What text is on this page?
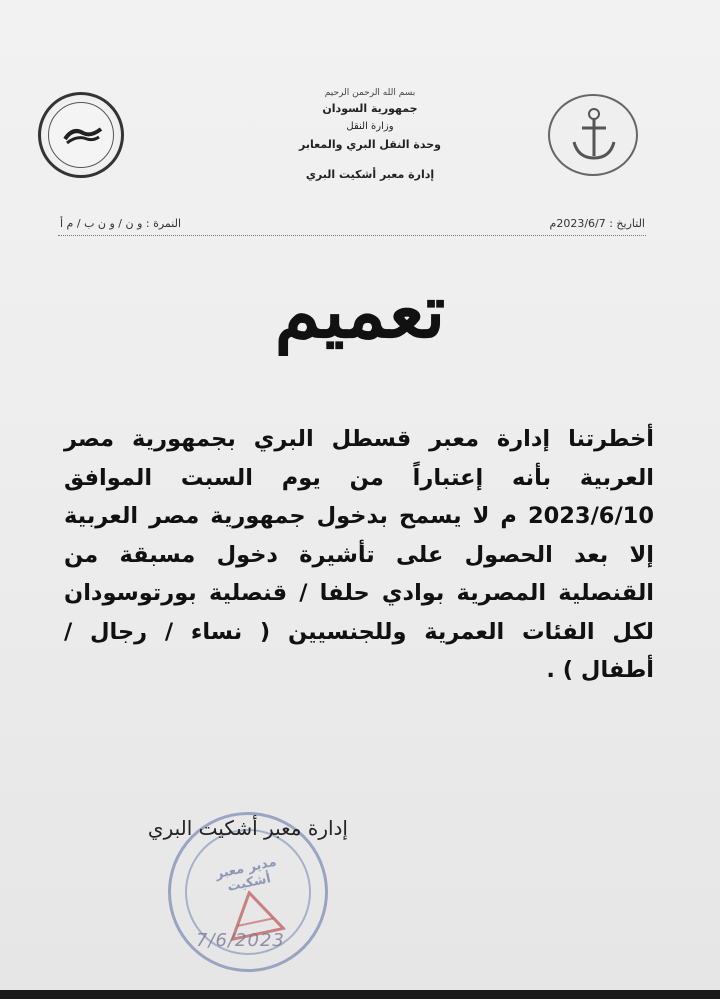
بسم الله الرحمن الرحيم
جمهورية السودان
وزارة النقل
وحدة النقل البري والمعابر
إدارة معبر أشكيت البري
التاريخ : 2023/6/7م
النمرة : و ن / و ن ب / م أ
تعميم
أخطرتنا إدارة معبر قسطل البري بجمهورية مصر العربية بأنه إعتباراً من يوم السبت الموافق 2023/6/10 م لا يسمح بدخول جمهورية مصر العربية إلا بعد الحصول على تأشيرة دخول مسبقة من القنصلية المصرية بوادي حلفا / قنصلية بورتوسودان لكل الفئات العمرية وللجنسيين ( نساء / رجال / أطفال ) .
مدير معبر أشكيت
7/6/2023
إدارة معبر أشكيت البري
